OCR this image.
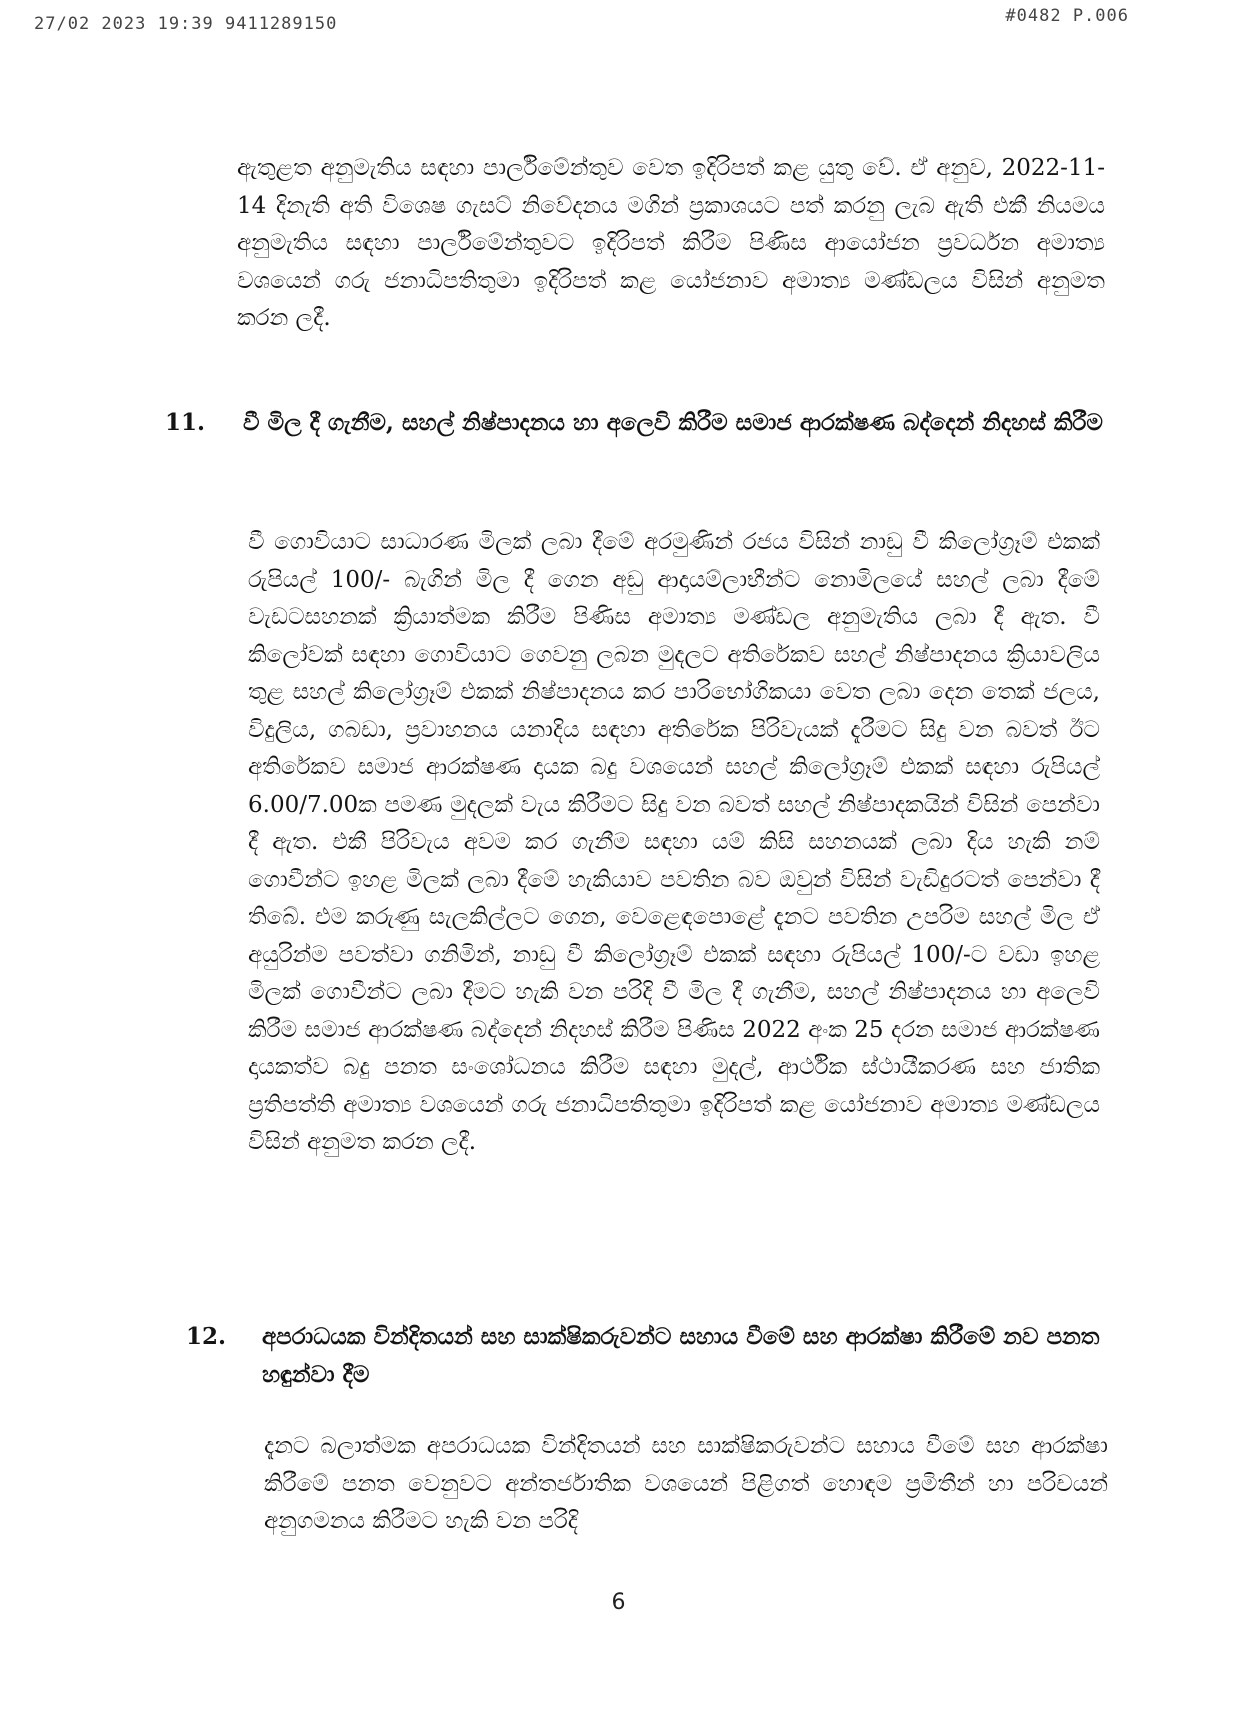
27/02 2023 19:39 9411289150	#0482 P.006

ඇතුළත අනුමැතිය සඳහා පාර්ලිමේන්තුව වෙත ඉදිරිපත් කළ යුතු වේ. ඒ අනුව, 2022-11-14 දිනැති අති විශෙෂ ගැසට් නිවේදනය මගින් ප්‍රකාශයට පත් කරනු ලැබ ඇති එකී නියමය අනුමැතිය සඳහා පාර්ලිමේන්තුවට ඉදිරිපත් කිරීම පිණිස ආයෝජන ප්‍රවර්ධන අමාත්‍ය වශයෙන් ගරු ජනාධිපතිතුමා ඉදිරිපත් කළ යෝජනාව අමාත්‍ය මණ්ඩලය විසින් අනුමත කරන ලදී.

11. වී මිල දී ගැනීම, සහල් නිෂ්පාදනය හා අලෙවි කිරීම සමාජ ආරක්ෂණ බද්දෙන් නිදහස් කිරීම

වී ගොවියාට සාධාරණ මිලක් ලබා දීමේ අරමුණින් රජය විසින් නාඩු වී කිලෝග්‍රෑම් එකක් රුපියල් 100/- බැගින් මිල දී ගෙන අඩු ආදායම්ලාභීන්ට නොමිලයේ සහල් ලබා දීමේ වැඩටසහනක් ක්‍රියාත්මක කිරීම පිණිස අමාත්‍ය මණ්ඩල අනුමැතිය ලබා දී ඇත. වී කිලෝවක් සඳහා ගොවියාට ගෙවනු ලබන මුදලට අතිරේකව සහල් නිෂ්පාදනය ක්‍රියාවලිය තුළ සහල් කිලෝග්‍රෑම් එකක් නිෂ්පාදනය කර පාරිභෝගිකයා වෙත ලබා දෙන තෙක් ජලය, විදුලිය, ගබඩා, ප්‍රවාහනය යනාදිය සඳහා අතිරේක පිරිවැයක් දැරීමට සිදු වන බවත් ඊට අතිරේකව සමාජ ආරක්ෂණ දායක බදු වශයෙන් සහල් කිලෝග්‍රෑම් එකක් සඳහා රුපියල් 6.00/7.00ක පමණ මුදලක් වැය කිරීමට සිදු වන බවත් සහල් නිෂ්පාදකයින් විසින් පෙන්වා දී ඇත. එකී පිරිවැය අවම කර ගැනීම සඳහා යම් කිසි සහනයක් ලබා දිය හැකි නම් ගොවීන්ට ඉහළ මිලක් ලබා දීමේ හැකියාව පවතින බව ඔවුන් විසින් වැඩිදුරටත් පෙන්වා දී තිබේ. එම කරුණු සැලකිල්ලට ගෙන, වෙළෙඳපොළේ දැනට පවතින උපරිම සහල් මිල ඒ අයුරින්ම පවත්වා ගනිමින්, නාඩු වී කිලෝග්‍රෑම් එකක් සඳහා රුපියල් 100/-ට වඩා ඉහළ මිලක් ගොවීන්ට ලබා දීමට හැකි වන පරිදි වී මිල දී ගැනීම, සහල් නිෂ්පාදනය හා අලෙවි කිරීම සමාජ ආරක්ෂණ බද්දෙන් නිදහස් කිරීම පිණිස 2022 අංක 25 දරන සමාජ ආරක්ෂණ දායකත්ව බදු පනත සංශෝධනය කිරීම සඳහා මුදල්, ආර්ථික ස්ථායීකරණ සහ ජාතික ප්‍රතිපත්ති අමාත්‍ය වශයෙන් ගරු ජනාධිපතිතුමා ඉදිරිපත් කළ යෝජනාව අමාත්‍ය මණ්ඩලය විසින් අනුමත කරන ලදී.

12. අපරාධයක වින්දිතයන් සහ සාක්ෂිකරුවන්ට සහාය වීමේ සහ ආරක්ෂා කිරීමේ නව පනත හඳුන්වා දීම

දැනට බලාත්මක අපරාධයක වින්දිතයන් සහ සාක්ෂිකරුවන්ට සහාය වීමේ සහ ආරක්ෂා කිරීමේ පනත වෙනුවට අන්තර්ජාතික වශයෙන් පිළිගත් හොඳම ප්‍රමිතීන් හා පරිචයන් අනුගමනය කිරීමට හැකි වන පරිදි

6
